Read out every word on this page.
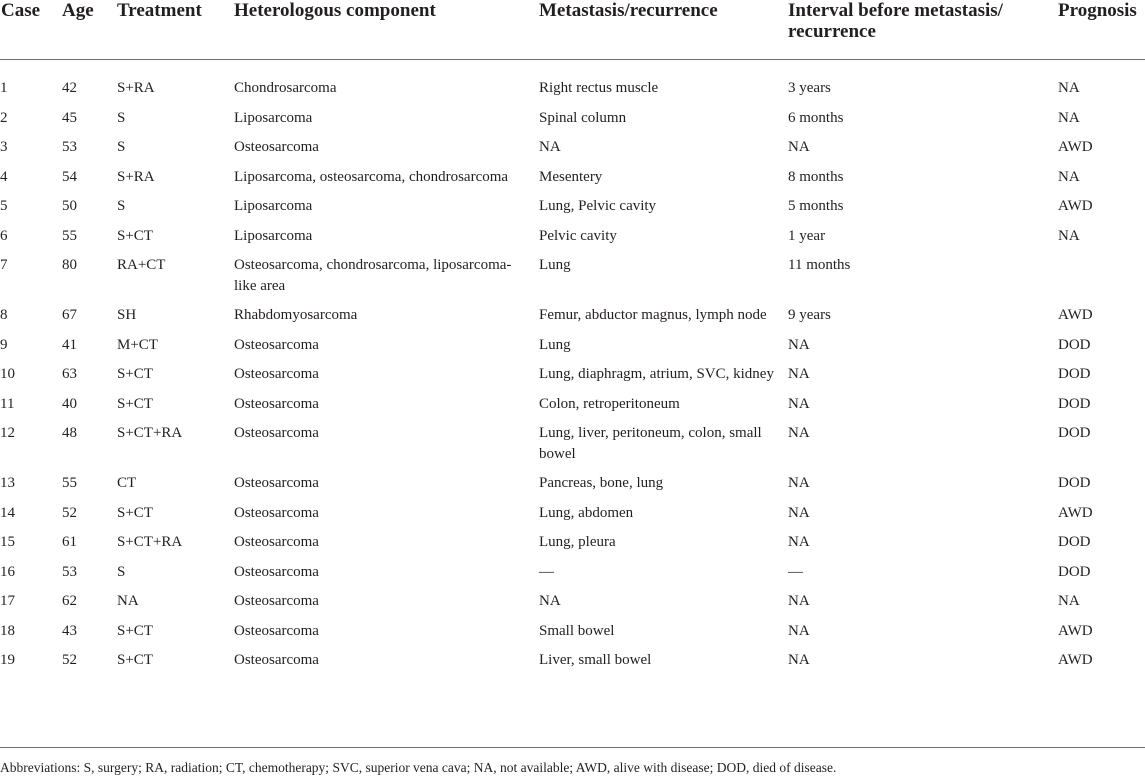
Case	Age	Treatment	Heterologous component	Metastasis/recurrence	Interval before metastasis/ recurrence	Prognosis
1	42	S+RA	Chondrosarcoma	Right rectus muscle	3 years	NA
2	45	S	Liposarcoma	Spinal column	6 months	NA
3	53	S	Osteosarcoma	NA	NA	AWD
4	54	S+RA	Liposarcoma, osteosarcoma, chondrosarcoma	Mesentery	8 months	NA
5	50	S	Liposarcoma	Lung, Pelvic cavity	5 months	AWD
6	55	S+CT	Liposarcoma	Pelvic cavity	1 year	NA
7	80	RA+CT	Osteosarcoma, chondrosarcoma, liposarcoma-like area	Lung	11 months	
8	67	SH	Rhabdomyosarcoma	Femur, abductor magnus, lymph node	9 years	AWD
9	41	M+CT	Osteosarcoma	Lung	NA	DOD
10	63	S+CT	Osteosarcoma	Lung, diaphragm, atrium, SVC, kidney	NA	DOD
11	40	S+CT	Osteosarcoma	Colon, retroperitoneum	NA	DOD
12	48	S+CT+RA	Osteosarcoma	Lung, liver, peritoneum, colon, small bowel	NA	DOD
13	55	CT	Osteosarcoma	Pancreas, bone, lung	NA	DOD
14	52	S+CT	Osteosarcoma	Lung, abdomen	NA	AWD
15	61	S+CT+RA	Osteosarcoma	Lung, pleura	NA	DOD
16	53	S	Osteosarcoma	—	—	DOD
17	62	NA	Osteosarcoma	NA	NA	NA
18	43	S+CT	Osteosarcoma	Small bowel	NA	AWD
19	52	S+CT	Osteosarcoma	Liver, small bowel	NA	AWD
Abbreviations: S, surgery; RA, radiation; CT, chemotherapy; SVC, superior vena cava; NA, not available; AWD, alive with disease; DOD, died of disease.
